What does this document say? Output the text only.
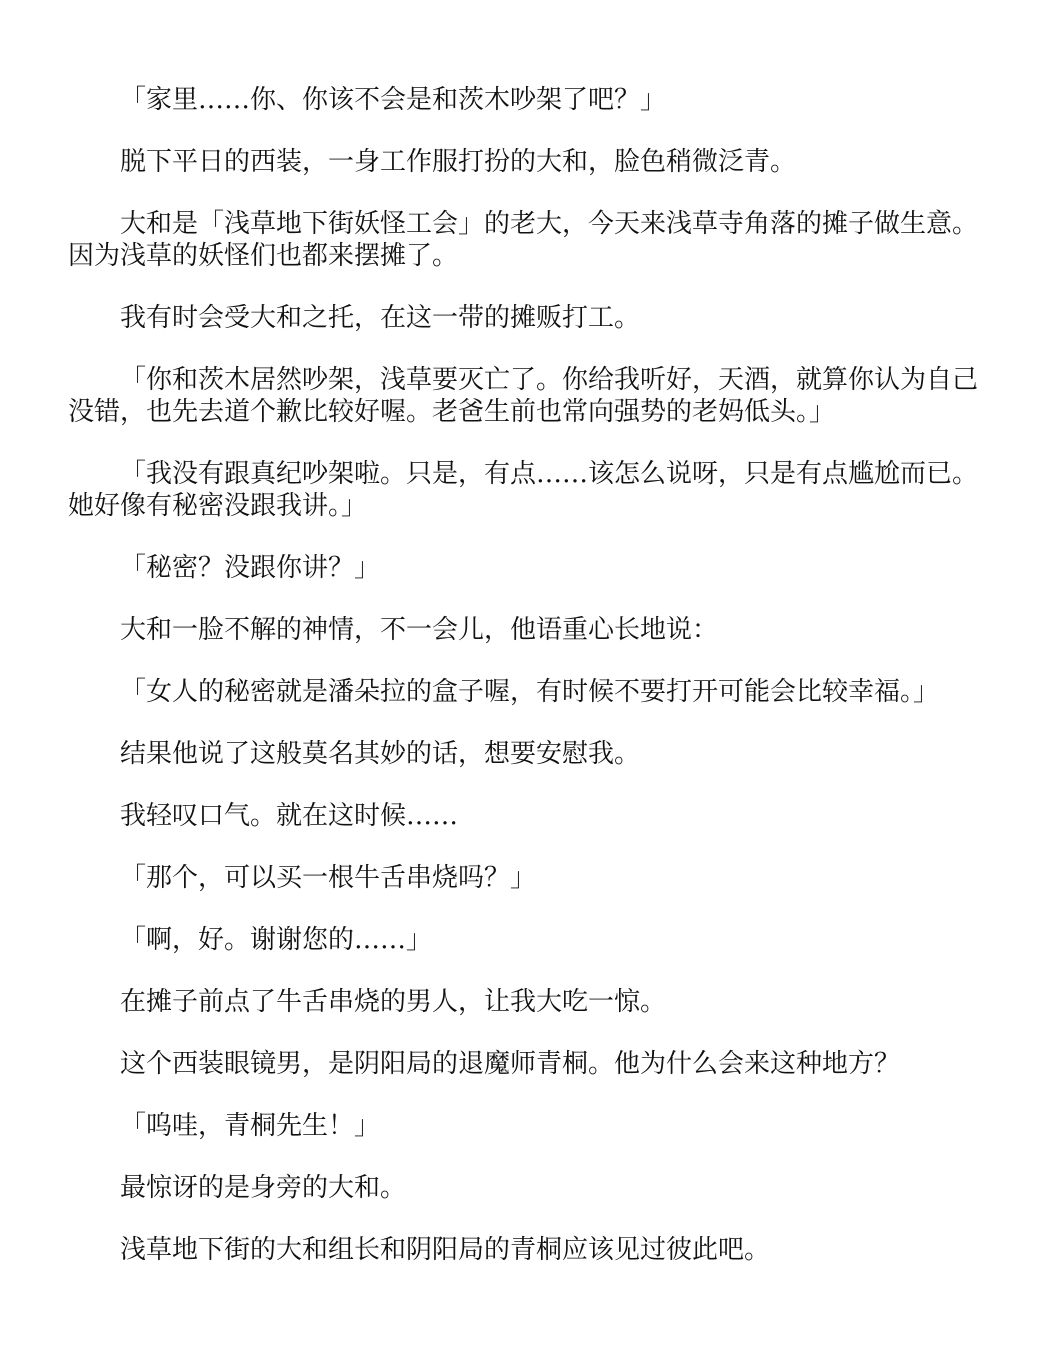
「家里……你、你该不会是和茨木吵架了吧？」

脱下平日的西装，一身工作服打扮的大和，脸色稍微泛青。

大和是「浅草地下街妖怪工会」的老大，今天来浅草寺角落的摊子做生意。因为浅草的妖怪们也都来摆摊了。

我有时会受大和之托，在这一带的摊贩打工。

「你和茨木居然吵架，浅草要灭亡了。你给我听好，天酒，就算你认为自己没错，也先去道个歉比较好喔。老爸生前也常向强势的老妈低头。」

「我没有跟真纪吵架啦。只是，有点……该怎么说呀，只是有点尴尬而已。她好像有秘密没跟我讲。」

「秘密？没跟你讲？」

大和一脸不解的神情，不一会儿，他语重心长地说：

「女人的秘密就是潘朵拉的盒子喔，有时候不要打开可能会比较幸福。」

结果他说了这般莫名其妙的话，想要安慰我。

我轻叹口气。就在这时候……

「那个，可以买一根牛舌串烧吗？」

「啊，好。谢谢您的……」

在摊子前点了牛舌串烧的男人，让我大吃一惊。

这个西装眼镜男，是阴阳局的退魔师青桐。他为什么会来这种地方？

「呜哇，青桐先生！」

最惊讶的是身旁的大和。

浅草地下街的大和组长和阴阳局的青桐应该见过彼此吧。
